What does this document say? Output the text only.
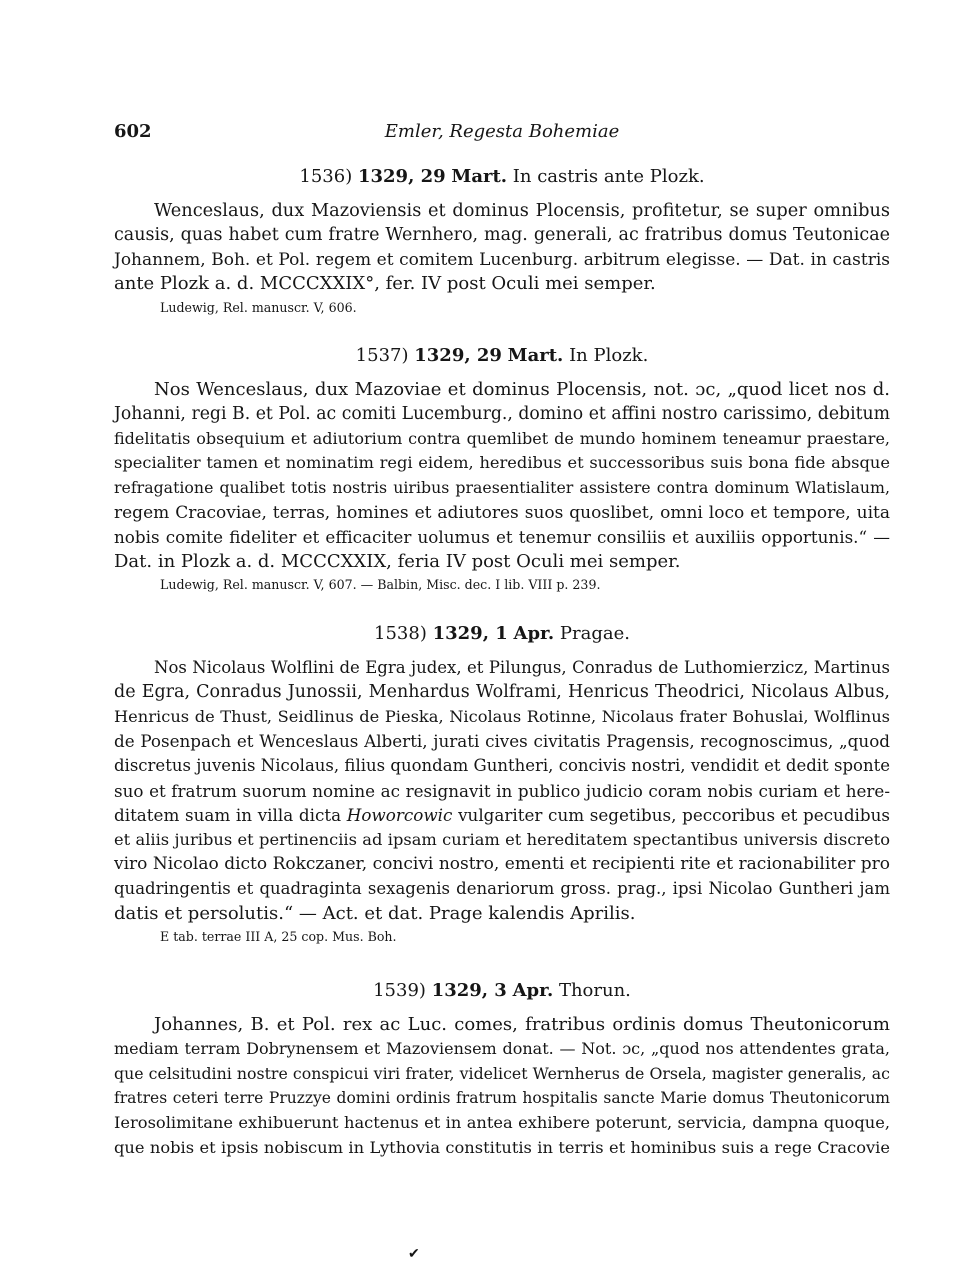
602	Emler, Regesta Bohemiae
1536) 1329, 29 Mart. In castris ante Plozk.
Wenceslaus, dux Mazoviensis et dominus Plocensis, profitetur, se super omnibus
causis, quas habet cum fratre Wernhero, mag. generali, ac fratribus domus Teutonicae
Johannem, Boh. et Pol. regem et comitem Lucenburg. arbitrum elegisse. — Dat. in castris
ante Plozk a. d. MCCCXXIX°, fer. IV post Oculi mei semper.
Ludewig, Rel. manuscr. V, 606.
1537) 1329, 29 Mart. In Plozk.
Nos Wenceslaus, dux Mazoviae et dominus Plocensis, not. ɔc, „quod licet nos d.
Johanni, regi B. et Pol. ac comiti Lucemburg., domino et affini nostro carissimo, debitum
fidelitatis obsequium et adiutorium contra quemlibet de mundo hominem teneamur praestare,
specialiter tamen et nominatim regi eidem, heredibus et successoribus suis bona fide absque
refragatione qualibet totis nostris uiribus praesentialiter assistere contra dominum Wlatislaum,
regem Cracoviae, terras, homines et adiutores suos quoslibet, omni loco et tempore, uita
nobis comite fideliter et efficaciter uolumus et tenemur consiliis et auxiliis opportunis.“ —
Dat. in Plozk a. d. MCCCXXIX, feria IV post Oculi mei semper.
Ludewig, Rel. manuscr. V, 607. — Balbin, Misc. dec. I lib. VIII p. 239.
1538) 1329, 1 Apr. Pragae.
Nos Nicolaus Wolflini de Egra judex, et Pilungus, Conradus de Luthomierzicz, Martinus
de Egra, Conradus Junossii, Menhardus Wolframi, Henricus Theodrici, Nicolaus Albus,
Henricus de Thust, Seidlinus de Pieska, Nicolaus Rotinne, Nicolaus frater Bohuslai, Wolflinus
de Posenpach et Wenceslaus Alberti, jurati cives civitatis Pragensis, recognoscimus, „quod
discretus juvenis Nicolaus, filius quondam Guntheri, concivis nostri, vendidit et dedit sponte
suo et fratrum suorum nomine ac resignavit in publico judicio coram nobis curiam et here-
ditatem suam in villa dicta Howorcowic vulgariter cum segetibus, peccoribus et pecudibus
et aliis juribus et pertinenciis ad ipsam curiam et hereditatem spectantibus universis discreto
viro Nicolao dicto Rokczaner, concivi nostro, ementi et recipienti rite et racionabiliter pro
quadringentis et quadraginta sexagenis denariorum gross. prag., ipsi Nicolao Guntheri jam
datis et persolutis.“ — Act. et dat. Prage kalendis Aprilis.
E tab. terrae III A, 25 cop. Mus. Boh.
1539) 1329, 3 Apr. Thorun.
Johannes, B. et Pol. rex ac Luc. comes, fratribus ordinis domus Theutonicorum
mediam terram Dobrynensem et Mazoviensem donat. — Not. ɔc, „quod nos attendentes grata,
que celsitudini nostre conspicui viri frater, videlicet Wernherus de Orsela, magister generalis, ac
fratres ceteri terre Pruzzye domini ordinis fratrum hospitalis sancte Marie domus Theutonicorum
Ierosolimitane exhibuerunt hactenus et in antea exhibere poterunt, servicia, dampna quoque,
que nobis et ipsis nobiscum in Lythovia constitutis in terris et hominibus suis a rege Cracovie
✔
